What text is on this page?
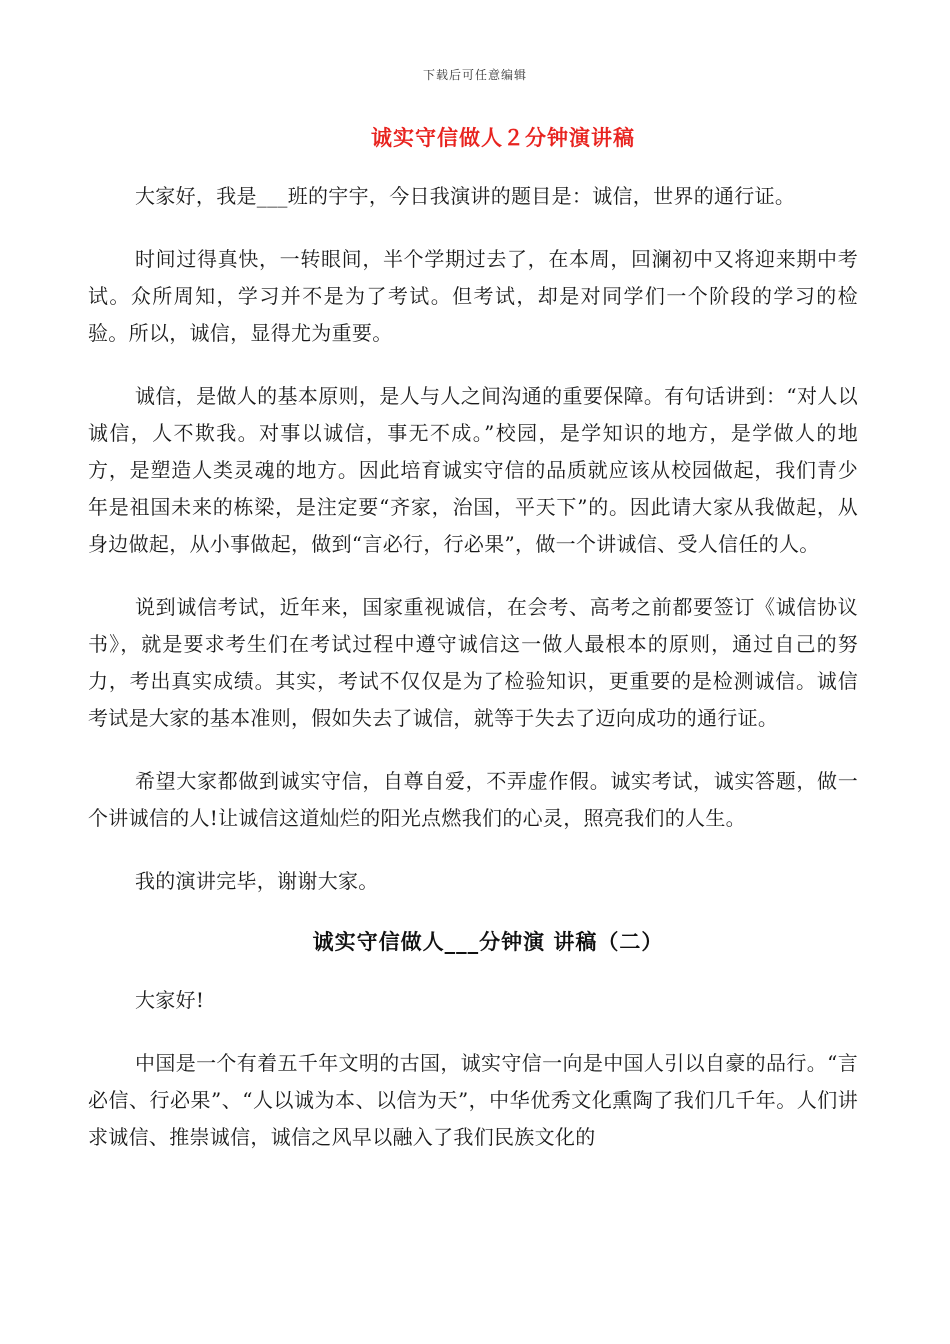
下载后可任意编辑
诚实守信做人２分钟演讲稿

大家好，我是___班的宇宇，今日我演讲的题目是：诚信，世界的通行证。

时间过得真快，一转眼间，半个学期过去了，在本周，回澜初中又将迎来期中考试。众所周知，学习并不是为了考试。但考试，却是对同学们一个阶段的学习的检验。所以，诚信，显得尤为重要。

诚信，是做人的基本原则，是人与人之间沟通的重要保障。有句话讲到：“对人以诚信，人不欺我。对事以诚信，事无不成。”校园，是学知识的地方，是学做人的地方，是塑造人类灵魂的地方。因此培育诚实守信的品质就应该从校园做起，我们青少年是祖国未来的栋梁，是注定要“齐家，治国，平天下”的。因此请大家从我做起，从身边做起，从小事做起，做到“言必行，行必果”，做一个讲诚信、受人信任的人。

说到诚信考试，近年来，国家重视诚信，在会考、高考之前都要签订《诚信协议书》，就是要求考生们在考试过程中遵守诚信这一做人最根本的原则，通过自己的努力，考出真实成绩。其实，考试不仅仅是为了检验知识，更重要的是检测诚信。诚信考试是大家的基本准则，假如失去了诚信，就等于失去了迈向成功的通行证。

希望大家都做到诚实守信，自尊自爱，不弄虚作假。诚实考试，诚实答题，做一个讲诚信的人!让诚信这道灿烂的阳光点燃我们的心灵，照亮我们的人生。

我的演讲完毕，谢谢大家。

诚实守信做人___分钟演 讲稿（二）

大家好!

中国是一个有着五千年文明的古国，诚实守信一向是中国人引以自豪的品行。“言必信、行必果”、“人以诚为本、以信为天”，中华优秀文化熏陶了我们几千年。人们讲求诚信、推崇诚信，诚信之风早以融入了我们民族文化的
